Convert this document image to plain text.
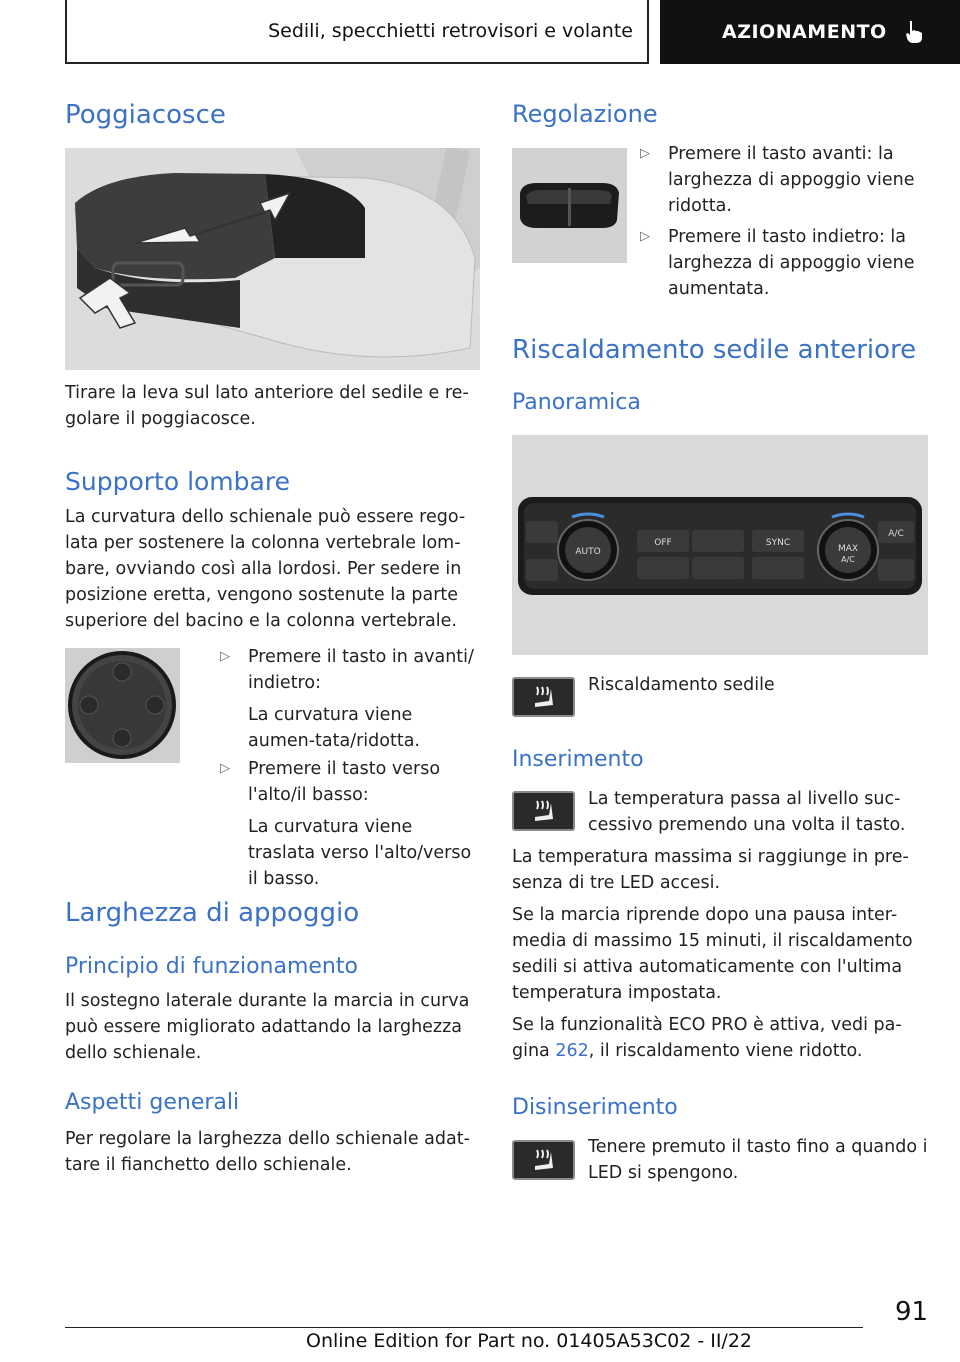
Sedili, specchietti retrovisori e volante	AZIONAMENTO
Poggiacosce
Tirare la leva sul lato anteriore del sedile e re-golare il poggiacosce.
Supporto lombare
La curvatura dello schienale può essere rego-lata per sostenere la colonna vertebrale lom-bare, ovviando così alla lordosi. Per sedere in posizione eretta, vengono sostenute la parte superiore del bacino e la colonna vertebrale.
▷	Premere il tasto in avanti/ indietro:
La curvatura viene aumen-tata/ridotta.
▷	Premere il tasto verso l'alto/il basso:
La curvatura viene traslata verso l'alto/verso il basso.
Larghezza di appoggio
Principio di funzionamento
Il sostegno laterale durante la marcia in curva può essere migliorato adattando la larghezza dello schienale.
Aspetti generali
Per regolare la larghezza dello schienale adat-tare il fianchetto dello schienale.
Regolazione
▷	Premere il tasto avanti: la larghezza di appoggio viene ridotta.
▷	Premere il tasto indietro: la larghezza di appoggio viene aumentata.
Riscaldamento sedile anteriore
Panoramica
AUTO	MAX
A/C
OFF	SYNC
A/C
Riscaldamento sedile
Inserimento
La temperatura passa al livello suc-cessivo premendo una volta il tasto.
La temperatura massima si raggiunge in pre-senza di tre LED accesi.
Se la marcia riprende dopo una pausa inter-media di massimo 15 minuti, il riscaldamento sedili si attiva automaticamente con l'ultima temperatura impostata.
Se la funzionalità ECO PRO è attiva, vedi pa-gina 262, il riscaldamento viene ridotto.
Disinserimento
Tenere premuto il tasto fino a quando i LED si spengono.
91
Online Edition for Part no. 01405A53C02 - II/22
